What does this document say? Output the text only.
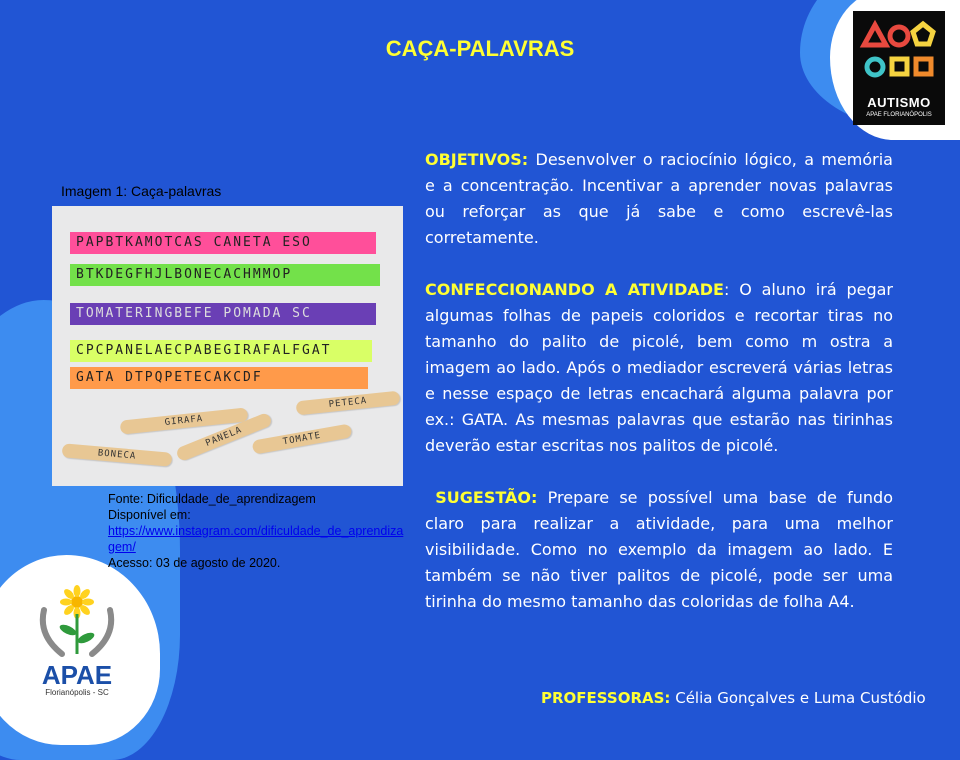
CAÇA-PALAVRAS
AUTISMO
APAE FLORIANÓPOLIS
Imagem 1: Caça-palavras
PAPBTKAMOTCAS CANETA ESO
BTKDEGFHJLBONECACHMMOP
TOMATERINGBEFE POMADA SC
CPCPANELAECPABEGIRAFALFGAT
GATA DTPQPETECAKCDF
PETECA
GIRAFA
PANELA	TOMATE
BONECA
Fonte: Dificuldade_de_aprendizagem
Disponível em:
https://www.instagram.com/dificuldade_de_aprendizagem/
Acesso: 03 de agosto de 2020.

OBJETIVOS: Desenvolver o raciocínio lógico, a memória e a concentração. Incentivar a aprender novas palavras ou reforçar as que já sabe e como escrevê-las corretamente.

CONFECCIONANDO A ATIVIDADE: O aluno irá pegar algumas folhas de papeis coloridos e recortar tiras no tamanho do palito de picolé, bem como m ostra a imagem ao lado. Após o mediador escreverá várias letras e nesse espaço de letras encachará alguma palavra por ex.: GATA. As mesmas palavras que estarão nas tirinhas deverão estar escritas nos palitos de picolé.

SUGESTÃO: Prepare se possível uma base de fundo claro para realizar a atividade, para uma melhor visibilidade. Como no exemplo da imagem ao lado. E também se não tiver palitos de picolé, pode ser uma tirinha do mesmo tamanho das coloridas de folha A4.

PROFESSORAS: Célia Gonçalves e Luma Custódio
APAE
Florianópolis - SC
